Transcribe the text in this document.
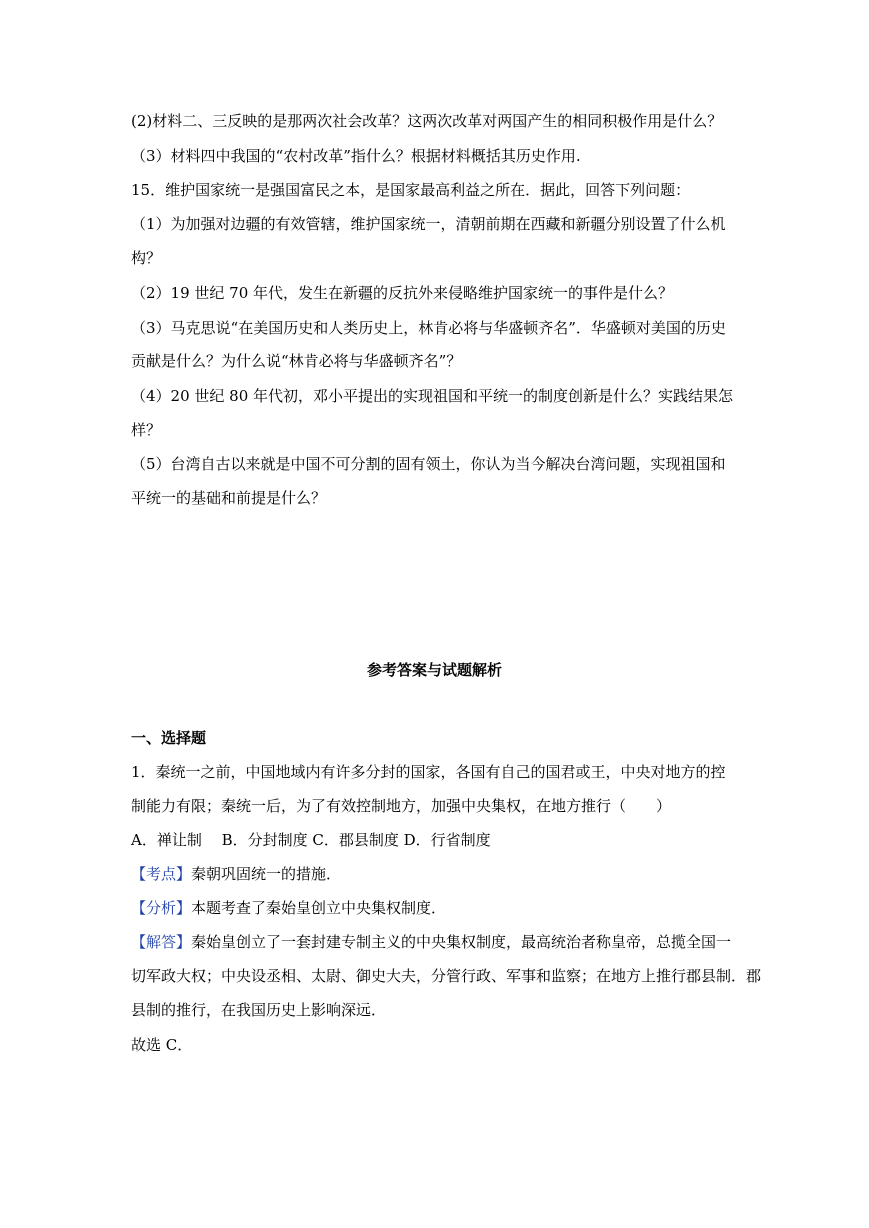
(2)材料二、三反映的是那两次社会改革？这两次改革对两国产生的相同积极作用是什么？
（3）材料四中我国的“农村改革”指什么？根据材料概括其历史作用.
15．维护国家统一是强国富民之本，是国家最高利益之所在．据此，回答下列问题：
（1）为加强对边疆的有效管辖，维护国家统一，清朝前期在西藏和新疆分别设置了什么机
构？
（2）19 世纪 70 年代，发生在新疆的反抗外来侵略维护国家统一的事件是什么？
（3）马克思说“在美国历史和人类历史上，林肯必将与华盛顿齐名”．华盛顿对美国的历史
贡献是什么？为什么说“林肯必将与华盛顿齐名”？
（4）20 世纪 80 年代初，邓小平提出的实现祖国和平统一的制度创新是什么？实践结果怎
样？
（5）台湾自古以来就是中国不可分割的固有领土，你认为当今解决台湾问题，实现祖国和
平统一的基础和前提是什么？
参考答案与试题解析
一、选择题
1．秦统一之前，中国地域内有许多分封的国家，各国有自己的国君或王，中央对地方的控
制能力有限；秦统一后，为了有效控制地方，加强中央集权，在地方推行（　　）
A．禅让制　 B．分封制度 C．郡县制度 D．行省制度
【考点】秦朝巩固统一的措施．
【分析】本题考查了秦始皇创立中央集权制度．
【解答】秦始皇创立了一套封建专制主义的中央集权制度，最高统治者称皇帝，总揽全国一
切军政大权；中央设丞相、太尉、御史大夫，分管行政、军事和监察；在地方上推行郡县制．郡
县制的推行，在我国历史上影响深远．
故选 C．
